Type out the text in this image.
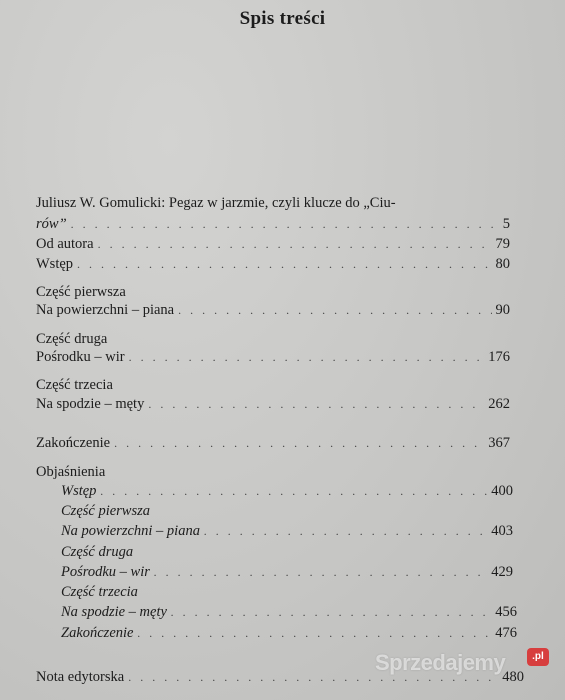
Spis treści
Juliusz W. Gomulicki: Pegaz w jarzmie, czyli klucze do „Ciu-
rów” . . .	5
Od autora . . .	79
Wstęp . . .	80
Część pierwsza
Na powierzchni – piana . . .	90
Część druga
Pośrodku – wir . . .	176
Część trzecia
Na spodzie – męty . . .	262
Zakończenie . . .	367
Objaśnienia
Wstęp . . .	400
Część pierwsza
Na powierzchni – piana . . .	403
Część druga
Pośrodku – wir . . .	429
Część trzecia
Na spodzie – męty . . .	456
Zakończenie . . .	476
Nota edytorska . . .	480
Sprzedajemy	.pl
